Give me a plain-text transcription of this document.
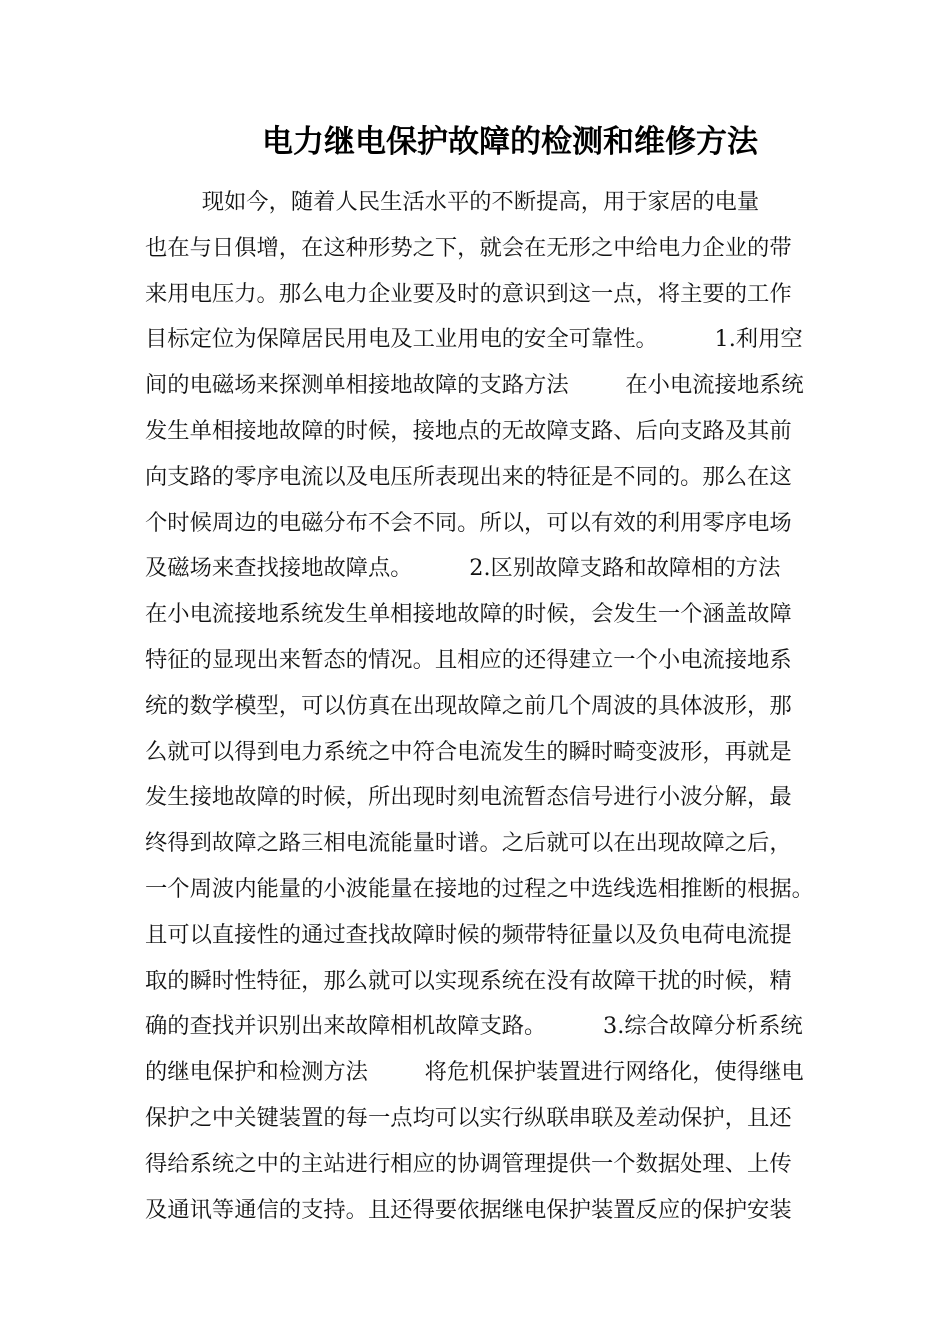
电力继电保护故障的检测和维修方法
现如今，随着人民生活水平的不断提高，用于家居的电量
也在与日俱增，在这种形势之下，就会在无形之中给电力企业的带
来用电压力。那么电力企业要及时的意识到这一点，将主要的工作
目标定位为保障居民用电及工业用电的安全可靠性。        1.利用空
间的电磁场来探测单相接地故障的支路方法        在小电流接地系统
发生单相接地故障的时候，接地点的无故障支路、后向支路及其前
向支路的零序电流以及电压所表现出来的特征是不同的。那么在这
个时候周边的电磁分布不会不同。所以，可以有效的利用零序电场
及磁场来查找接地故障点。        2.区别故障支路和故障相的方法
在小电流接地系统发生单相接地故障的时候，会发生一个涵盖故障
特征的显现出来暂态的情况。且相应的还得建立一个小电流接地系
统的数学模型，可以仿真在出现故障之前几个周波的具体波形，那
么就可以得到电力系统之中符合电流发生的瞬时畸变波形，再就是
发生接地故障的时候，所出现时刻电流暂态信号进行小波分解，最
终得到故障之路三相电流能量时谱。之后就可以在出现故障之后，
一个周波内能量的小波能量在接地的过程之中选线选相推断的根据。
且可以直接性的通过查找故障时候的频带特征量以及负电荷电流提
取的瞬时性特征，那么就可以实现系统在没有故障干扰的时候，精
确的查找并识别出来故障相机故障支路。        3.综合故障分析系统
的继电保护和检测方法        将危机保护装置进行网络化，使得继电
保护之中关键装置的每一点均可以实行纵联串联及差动保护，且还
得给系统之中的主站进行相应的协调管理提供一个数据处理、上传
及通讯等通信的支持。且还得要依据继电保护装置反应的保护安装
